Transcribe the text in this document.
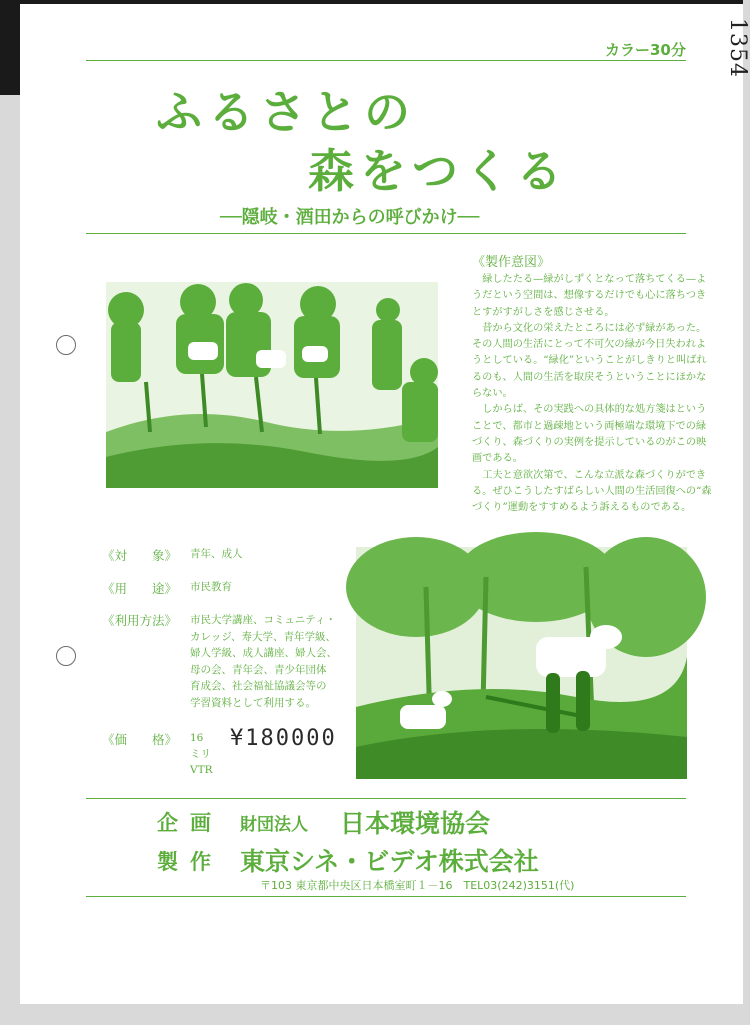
1354
カラー30分
ふるさとの
森をつくる
──隠岐・酒田からの呼びかけ──
《製作意図》

緑したたる—緑がしずくとなって落ちてくる—ようだという空間は、想像するだけでも心に落ちつきとすがすがしさを感じさせる。

昔から文化の栄えたところには必ず緑があった。その人間の生活にとって不可欠の緑が今日失われようとしている。“緑化”ということがしきりと叫ばれるのも、人間の生活を取戻そうということにほかならない。

しからば、その実践への具体的な処方箋はということで、都市と過疎地という両極端な環境下での緑づくり、森づくりの実例を提示しているのがこの映画である。

工夫と意欲次第で、こんな立派な森づくりができる。ぜひこうしたすばらしい人間の生活回復への“森づくり”運動をすすめるよう訴えるものである。

《対　　象》 青年、成人
《用　　途》 市民教育
《利用方法》 市民大学講座、コミュニティ・
カレッジ、寿大学、青年学級、
婦人学級、成人講座、婦人会、
母の会、青年会、青少年団体
育成会、社会福祉協議会等の
学習資料として利用する。
《価　　格》 16ミリ
VTR
¥180000
企画 財団法人 日本環境協会
製作 東京シネ・ビデオ株式会社
〒103 東京都中央区日本橋室町１－16　TEL03(242)3151(代)
